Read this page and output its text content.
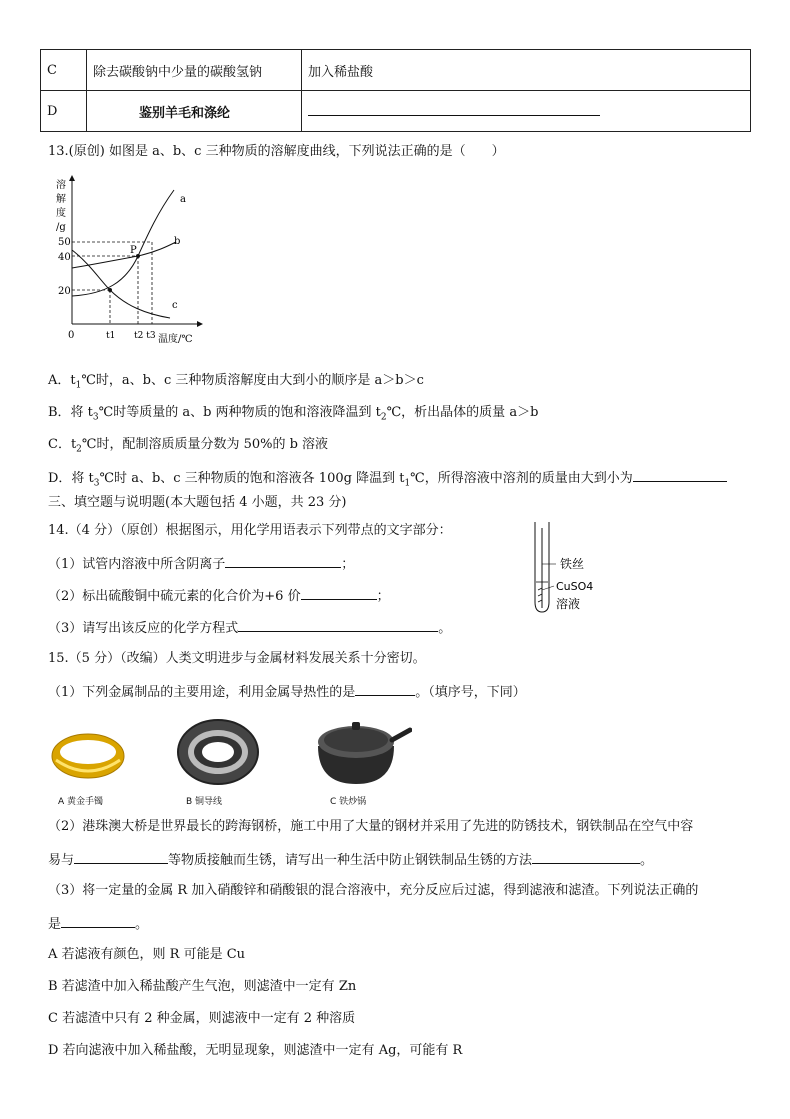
C	除去碳酸钠中少量的碳酸氢钠	加入稀盐酸
D	鉴别羊毛和涤纶	
13.(原创) 如图是 a、b、c 三种物质的溶解度曲线，下列说法正确的是（　　）
溶
解
度
/g
50
40
20
0	t1 t2 t3 温度/℃
a
b
c
P
A．$t_1℃$时，a、b、c 三种物质溶解度由大到小的顺序是 a＞b＞c
B．将 $t_3℃$时等质量的 a、b 两种物质的饱和溶液降温到 $t_2℃$，析出晶体的质量 a＞b
C．$t_2℃$时，配制溶质质量分数为 50%的 b 溶液
D．将 $t_3℃$时 a、b、c 三种物质的饱和溶液各 100g 降温到 $t_1℃$，所得溶液中溶剂的质量由大到小为
三、填空题与说明题(本大题包括 4 小题，共 23 分)
14.（4 分）（原创）根据图示，用化学用语表示下列带点的文字部分：
（1）试管内溶液中所含阴离子	；
（2）标出硫酸铜中硫元素的化合价为+6 价	；
（3）请写出该反应的化学方程式	。
铁丝
CuSO4
溶液
15.（5 分）（改编）人类文明进步与金属材料发展关系十分密切。
（1）下列金属制品的主要用途，利用金属导热性的是	。（填序号，下同）
A 黄金手镯	B 铜导线	C 铁炒锅
（2）港珠澳大桥是世界最长的跨海钢桥，施工中用了大量的钢材并采用了先进的防锈技术，钢铁制品在空气中容
易与	等物质接触而生锈，请写出一种生活中防止钢铁制品生锈的方法	。
（3）将一定量的金属 R 加入硝酸锌和硝酸银的混合溶液中，充分反应后过滤，得到滤液和滤渣。下列说法正确的
是	。
A 若滤液有颜色，则 R 可能是 Cu
B 若滤渣中加入稀盐酸产生气泡，则滤渣中一定有 Zn
C 若滤渣中只有 2 种金属，则滤液中一定有 2 种溶质
D 若向滤液中加入稀盐酸，无明显现象，则滤渣中一定有 Ag，可能有 R
